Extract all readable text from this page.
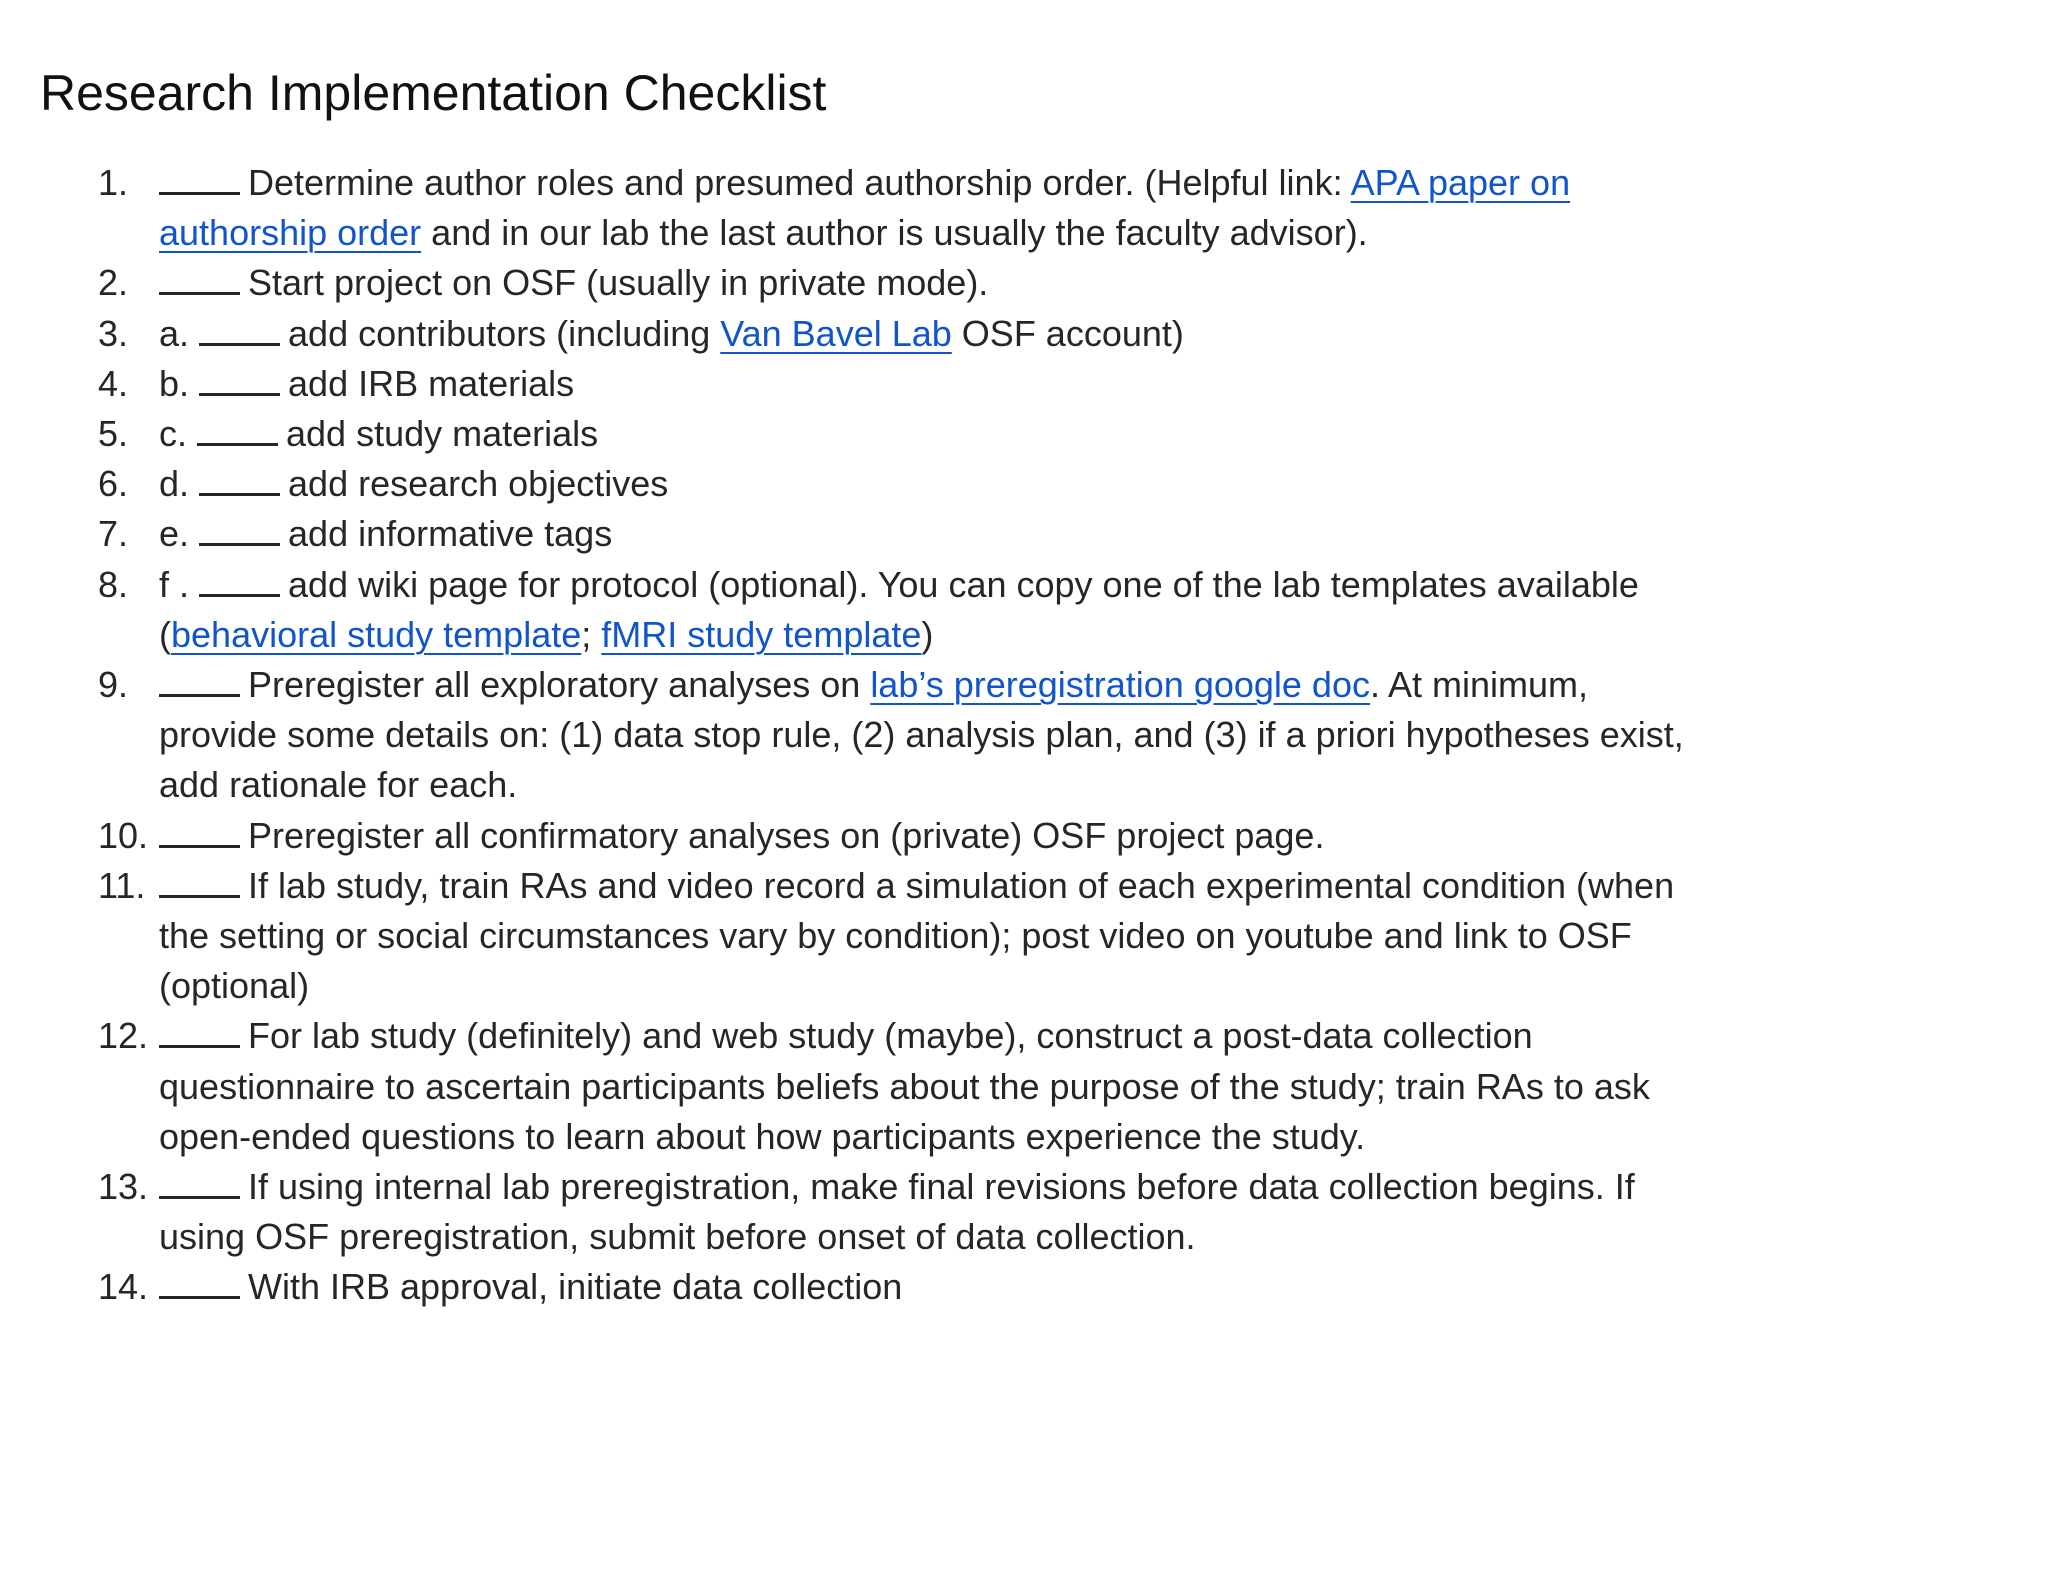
Research Implementation Checklist
1.	Determine author roles and presumed authorship order. (Helpful link: APA paper on authorship order and in our lab the last author is usually the faculty advisor).
2.	Start project on OSF (usually in private mode).
3. a.	add contributors (including Van Bavel Lab OSF account)
4. b.	add IRB materials
5. c.	add study materials
6. d.	add research objectives
7. e.	add informative tags
8. f .	add wiki page for protocol (optional). You can copy one of the lab templates available (behavioral study template; fMRI study template)
9.	Preregister all exploratory analyses on lab’s preregistration google doc. At minimum, provide some details on: (1) data stop rule, (2) analysis plan, and (3) if a priori hypotheses exist, add rationale for each.
10.	Preregister all confirmatory analyses on (private) OSF project page.
11.	If lab study, train RAs and video record a simulation of each experimental condition (when the setting or social circumstances vary by condition); post video on youtube and link to OSF (optional)
12.	For lab study (definitely) and web study (maybe), construct a post-data collection questionnaire to ascertain participants beliefs about the purpose of the study; train RAs to ask open-ended questions to learn about how participants experience the study.
13.	If using internal lab preregistration, make final revisions before data collection begins. If using OSF preregistration, submit before onset of data collection.
14.	With IRB approval, initiate data collection
